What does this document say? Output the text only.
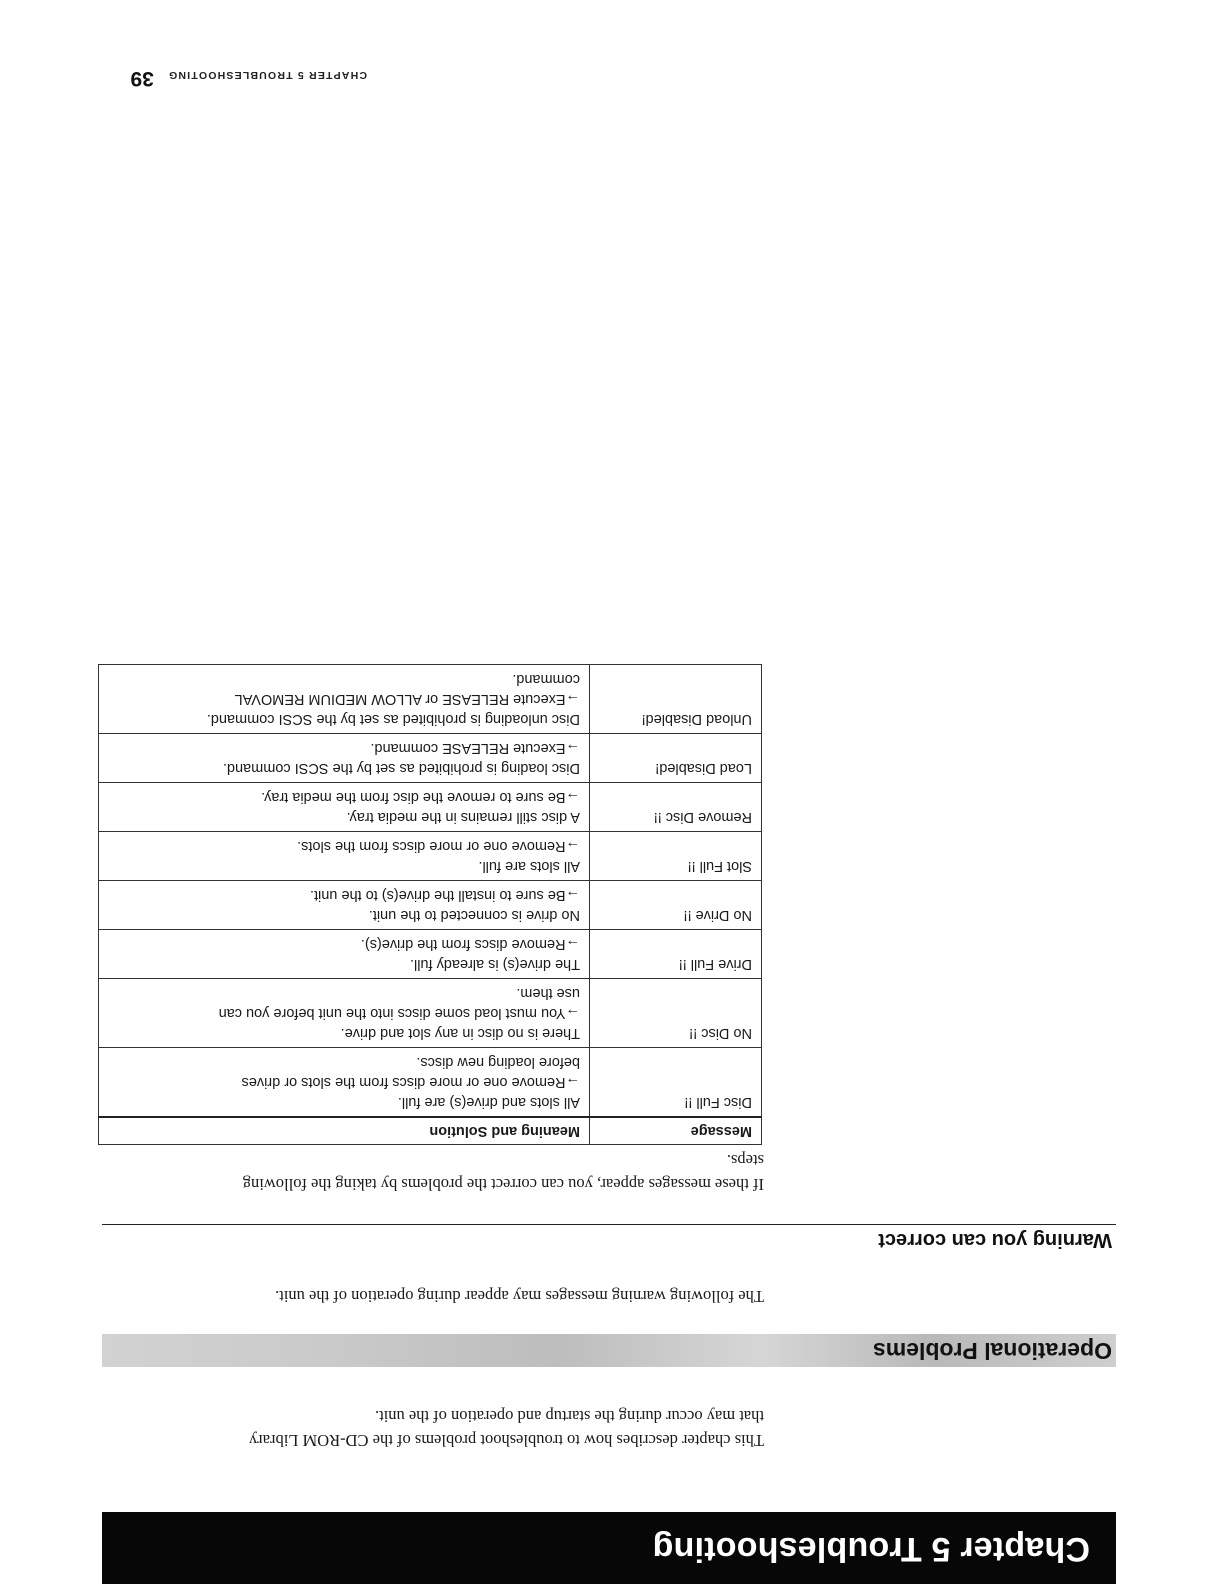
Chapter 5 Troubleshooting

This chapter describes how to troubleshoot problems of the CD-ROM Library
that may occur during the startup and operation of the unit.

Operational Problems

The following warning messages may appear during operation of the unit.

Warning you can correct

If these messages appear, you can correct the problems by taking the following
steps.

Message	Meaning and Solution
Disc Full !!	All slots and drive(s) are full.
→Remove one or more discs from the slots or drives
before loading new discs.

No Disc !!	There is no disc in any slot and drive.
→You must load some discs into the unit before you can
use them.

Drive Full !!	The drive(s) is already full.
→Remove discs from the drive(s).

No Drive !!	No drive is connected to the unit.
→Be sure to install the drive(s) to the unit.

Slot Full !!	All slots are full.
→Remove one or more discs from the slots.

Remove Disc !!	A disc still remains in the media tray.
→Be sure to remove the disc from the media tray.

Load Disabled!	Disc loading is prohibited as set by the SCSI command.
→Execute RELEASE command.

Unload Disabled!	Disc unloading is prohibited as set by the SCSI command.
→Execute RELEASE or ALLOW MEDIUM REMOVAL
command.
CHAPTER 5 TROUBLESHOOTING39
